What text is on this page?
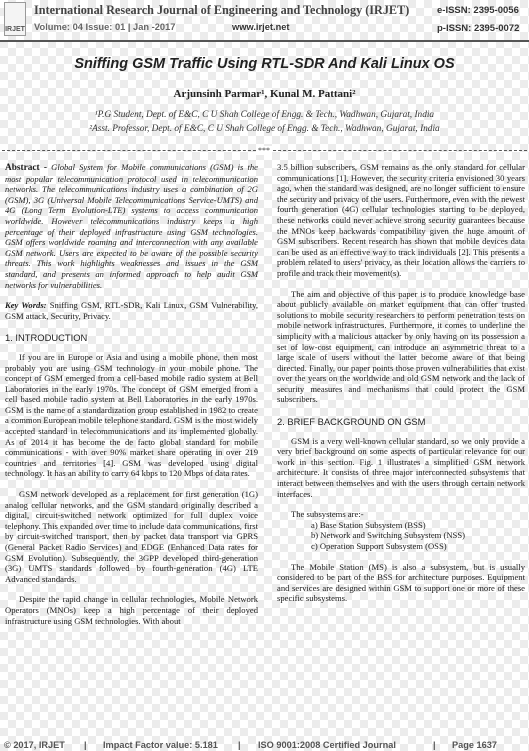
IRJET
International Research Journal of Engineering and Technology (IRJET)	e-ISSN: 2395-0056
Volume: 04 Issue: 01 | Jan -2017	www.irjet.net	p-ISSN: 2395-0072
Sniffing GSM Traffic Using RTL-SDR And Kali Linux OS
Arjunsinh Parmar¹, Kunal M. Pattani²
¹P.G Student, Dept. of E&C, C U Shah College of Engg. & Tech., Wadhwan, Gujarat, India
²Asst. Professor, Dept. of E&C, C U Shah College of Engg. & Tech., Wadhwan, Gujarat, India
***

Abstract - Global System for Mobile communications (GSM) is the most popular telecommunication protocol used in telecommunication networks. The telecommunications industry uses a combination of 2G (GSM), 3G (Universal Mobile Telecommunications Service-UMTS) and 4G (Long Term Evolution-LTE) systems to access communication worldwide. However telecommunications industry keeps a high percentage of their deployed infrastructure using GSM technologies. GSM offers worldwide roaming and interconnection with any available GSM network. Users are expected to be aware of the possible security threats. This work highlights weaknesses and issues in the GSM standard, and presents an informed approach to help audit GSM networks for vulnerabilities.

Key Words: Sniffing GSM, RTL-SDR, Kali Linux, GSM Vulnerability, GSM attack, Security, Privacy.

1. INTRODUCTION

If you are in Europe or Asia and using a mobile phone, then most probably you are using GSM technology in your mobile phone. The concept of GSM emerged from a cell-based mobile radio system at Bell Laboratories in the early 1970s. The concept of GSM emerged from a cell based mobile radio system at Bell Laboratories in the early 1970s. GSM is the name of a standardization group established in 1982 to create a common European mobile telephone standard. GSM is the most widely accepted standard in telecommunications and its implemented globally. As of 2014 it has become the de facto global standard for mobile communications - with over 90% market share operating in over 219 countries and territories [4]. GSM was developed using digital technology. It has an ability to carry 64 kbps to 120 Mbps of data rates.

GSM network developed as a replacement for first generation (1G) analog cellular networks, and the GSM standard originally described a digital, circuit-switched network optimized for full duplex voice telephony. This expanded over time to include data communications, first by circuit-switched transport, then by packet data transport via GPRS (General Packet Radio Services) and EDGE (Enhanced Data rates for GSM Evolution). Subsequently, the 3GPP developed third-generation (3G) UMTS standards followed by fourth-generation (4G) LTE Advanced standards.

Despite the rapid change in cellular technologies, Mobile Network Operators (MNOs) keep a high percentage of their deployed infrastructure using GSM technologies. With about

3.5 billion subscribers, GSM remains as the only standard for cellular communications [1]. However, the security criteria envisioned 30 years ago, when the standard was designed, are no longer sufficient to ensure the security and privacy of the users. Furthermore, even with the newest fourth generation (4G) cellular technologies starting to be deployed, these networks could never achieve strong security guarantees because the MNOs keep backwards compatibility given the huge amount of GSM subscribers. Recent research has shown that mobile devices data can be used as an effective way to track individuals [2]. This presents a problem related to users' privacy, as their location allows the carriers to profile and track their movement(s).

The aim and objective of this paper is to produce knowledge base about publicly available on market equipment that can offer trusted solutions to mobile security researchers to perform penetration tests on mobile network infrastructures. Furthermore, it comes to underline the simplicity with a malicious attacker by only having on its possession a set of low-cost equipment, can introduce an asymmetric threat to a large scale of users without the latter become aware of that being directed. Finally, our paper points those proven vulnerabilities that exist over the years on the worldwide and old GSM network and the lack of security measures and mechanisms that could protect the GSM subscribers.

2. BRIEF BACKGROUND ON GSM

GSM is a very well-known cellular standard, so we only provide a very brief background on some aspects of particular relevance for our work in this section. Fig. 1 illustrates a simplified GSM network architecture. It consists of three major interconnected subsystems that interact between themselves and with the users through certain network interfaces.

The subsystems are:-

a) Base Station Subsystem (BSS)

b) Network and Switching Subsystem (NSS)

c) Operation Support Subsystem (OSS)

The Mobile Station (MS) is also a subsystem, but is usually considered to be part of the BSS for architecture purposes. Equipment and services are designed within GSM to support one or more of these specific subsystems.

© 2017, IRJET | Impact Factor value: 5.181 | ISO 9001:2008 Certified Journal	| Page 1637
